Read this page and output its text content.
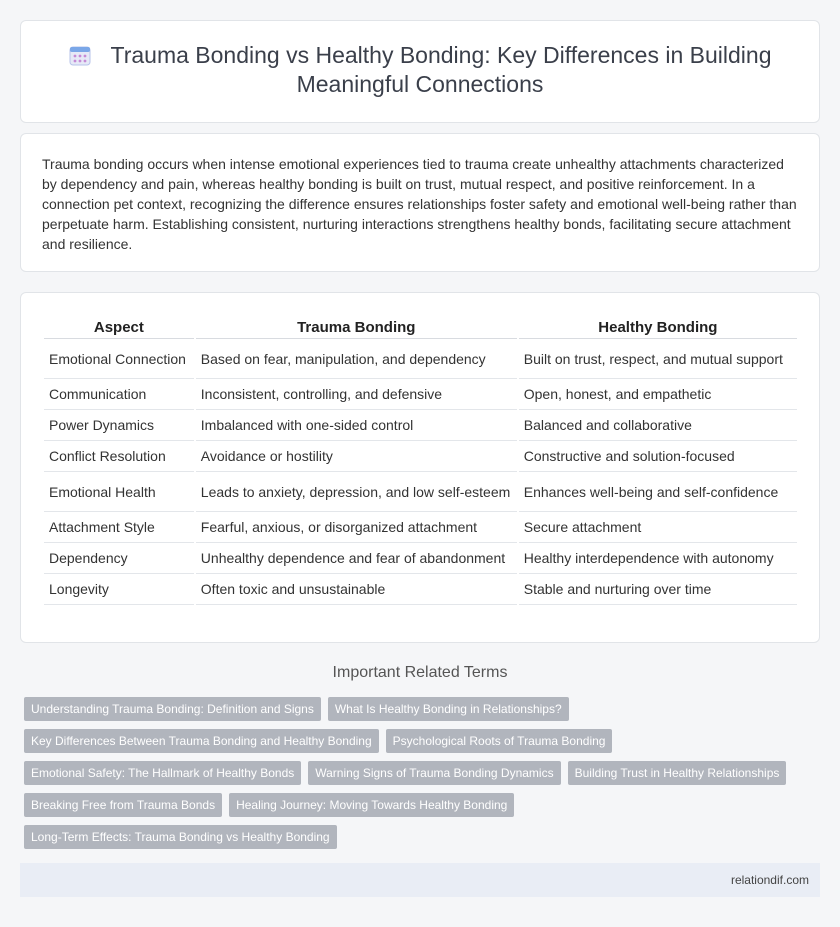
Trauma Bonding vs Healthy Bonding: Key Differences in Building Meaningful Connections

Trauma bonding occurs when intense emotional experiences tied to trauma create unhealthy attachments characterized by dependency and pain, whereas healthy bonding is built on trust, mutual respect, and positive reinforcement. In a connection pet context, recognizing the difference ensures relationships foster safety and emotional well-being rather than perpetuate harm. Establishing consistent, nurturing interactions strengthens healthy bonds, facilitating secure attachment and resilience.

Aspect	Trauma Bonding	Healthy Bonding
Emotional Connection	Based on fear, manipulation, and dependency	Built on trust, respect, and mutual support
Communication	Inconsistent, controlling, and defensive	Open, honest, and empathetic
Power Dynamics	Imbalanced with one-sided control	Balanced and collaborative
Conflict Resolution	Avoidance or hostility	Constructive and solution-focused
Emotional Health	Leads to anxiety, depression, and low self-esteem	Enhances well-being and self-confidence
Attachment Style	Fearful, anxious, or disorganized attachment	Secure attachment
Dependency	Unhealthy dependence and fear of abandonment	Healthy interdependence with autonomy
Longevity	Often toxic and unsustainable	Stable and nurturing over time
Important Related Terms
Understanding Trauma Bonding: Definition and Signs	What Is Healthy Bonding in Relationships?
Key Differences Between Trauma Bonding and Healthy Bonding	Psychological Roots of Trauma Bonding
Emotional Safety: The Hallmark of Healthy Bonds	Warning Signs of Trauma Bonding Dynamics	Building Trust in Healthy Relationships
Breaking Free from Trauma Bonds	Healing Journey: Moving Towards Healthy Bonding
Long-Term Effects: Trauma Bonding vs Healthy Bonding
relationdif.com
